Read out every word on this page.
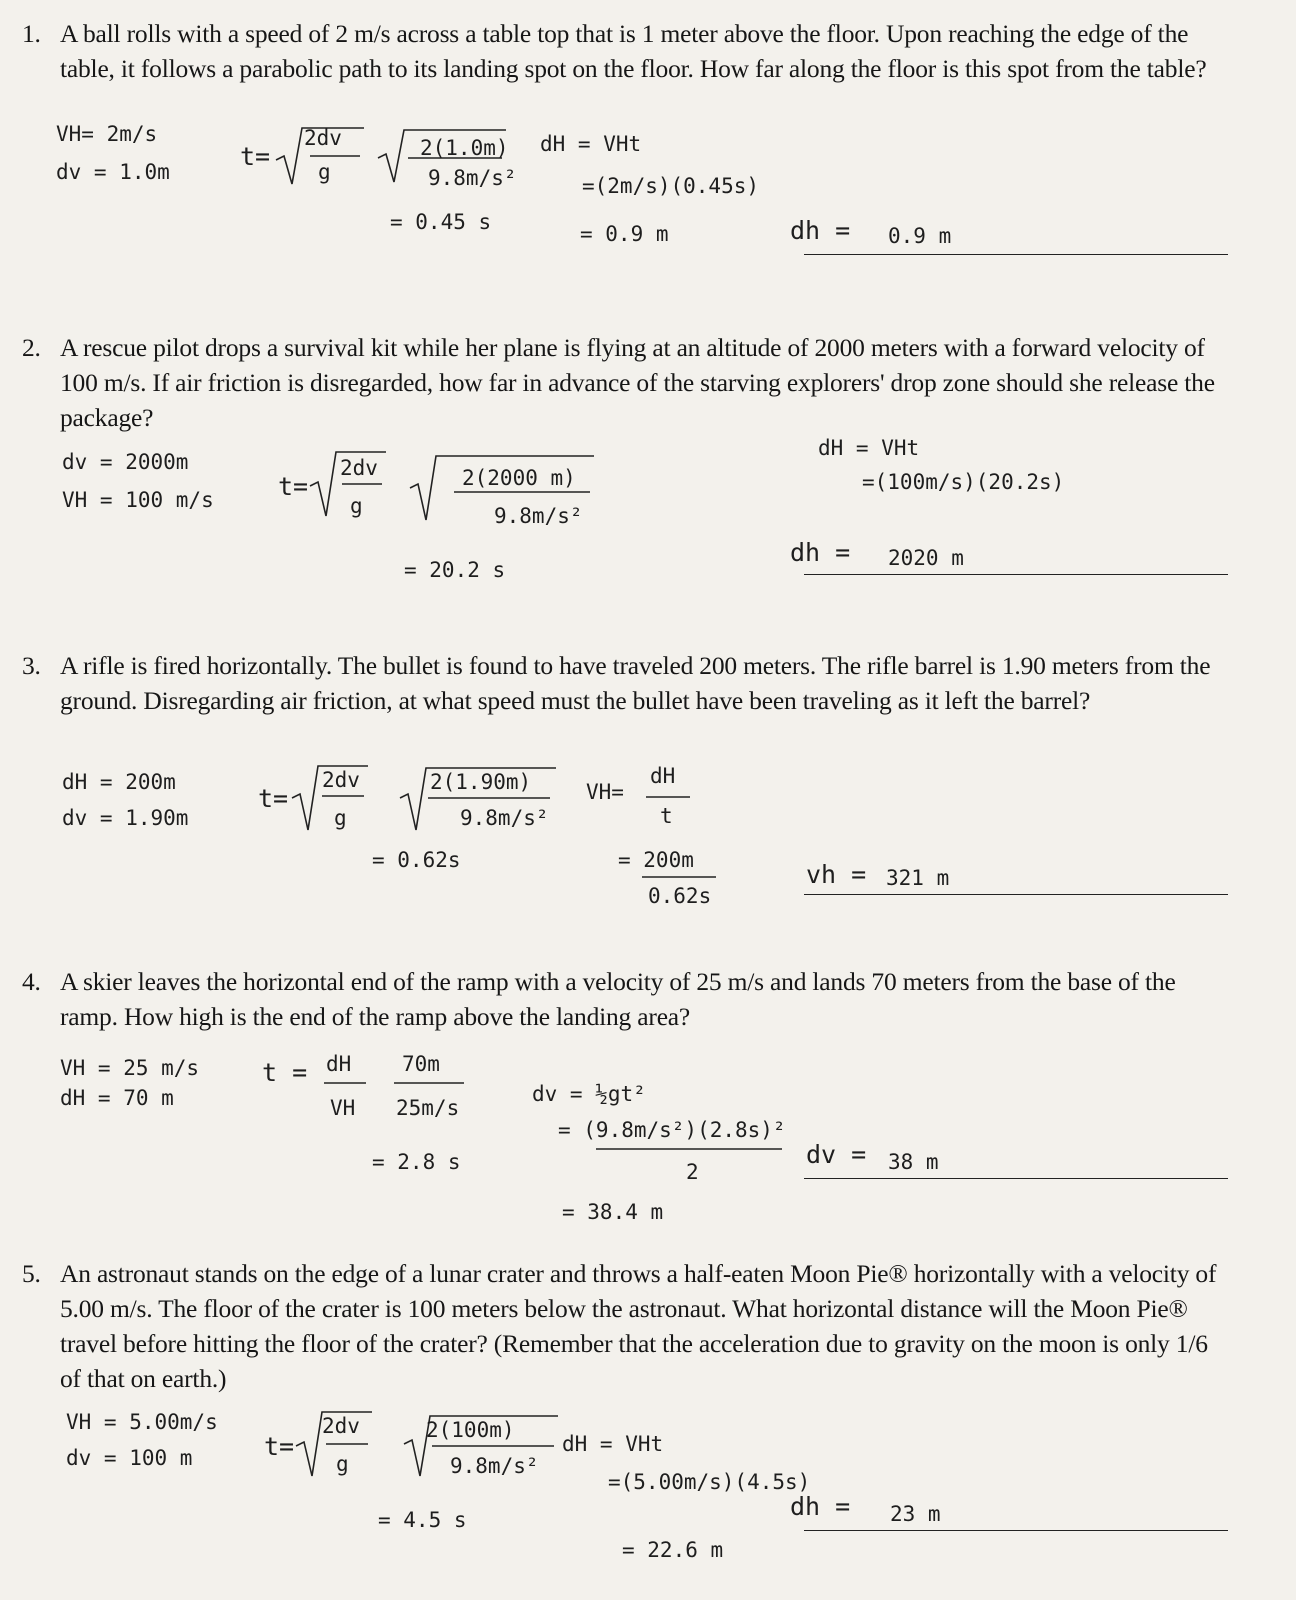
1. A ball rolls with a speed of 2 m/s across a table top that is 1 meter above the floor. Upon reaching the edge of the table, it follows a parabolic path to its landing spot on the floor. How far along the floor is this spot from the table?
VH= 2m/s
dv = 1.0m
t=
2dv
g
2(1.0m)
9.8m/s²
= 0.45 s
dH = VHt
=(2m/s)(0.45s)
= 0.9 m	dh = 0.9 m
2. A rescue pilot drops a survival kit while her plane is flying at an altitude of 2000 meters with a forward velocity of 100 m/s. If air friction is disregarded, how far in advance of the starving explorers' drop zone should she release the package?
dv = 2000m
VH = 100 m/s	t=
2dv
g
2(2000 m)
9.8m/s²
= 20.2 s
dH = VHt
=(100m/s)(20.2s)
dh = 2020 m
3. A rifle is fired horizontally. The bullet is found to have traveled 200 meters. The rifle barrel is 1.90 meters from the ground. Disregarding air friction, at what speed must the bullet have been traveling as it left the barrel?
dH = 200m
dv = 1.90m
t=
2dv
g
2(1.90m)
9.8m/s²
= 0.62s
VH=
dH
t
= 200m
0.62s
vh = 321 m
4. A skier leaves the horizontal end of the ramp with a velocity of 25 m/s and lands 70 meters from the base of the ramp. How high is the end of the ramp above the landing area?
VH = 25 m/s
dH = 70 m
t = dH
VH
70m
25m/s
= 2.8 s
dv = ½gt²
= (9.8m/s²)(2.8s)²
2
= 38.4 m
dv = 38 m
5. An astronaut stands on the edge of a lunar crater and throws a half-eaten Moon Pie® horizontally with a velocity of 5.00 m/s. The floor of the crater is 100 meters below the astronaut. What horizontal distance will the Moon Pie® travel before hitting the floor of the crater? (Remember that the acceleration due to gravity on the moon is only 1/6 of that on earth.)
VH = 5.00m/s
dv = 100 m	t=
2dv
g
2(100m)
9.8m/s²
= 4.5 s
dH = VHt
=(5.00m/s)(4.5s)
= 22.6 m
dh = 23 m
